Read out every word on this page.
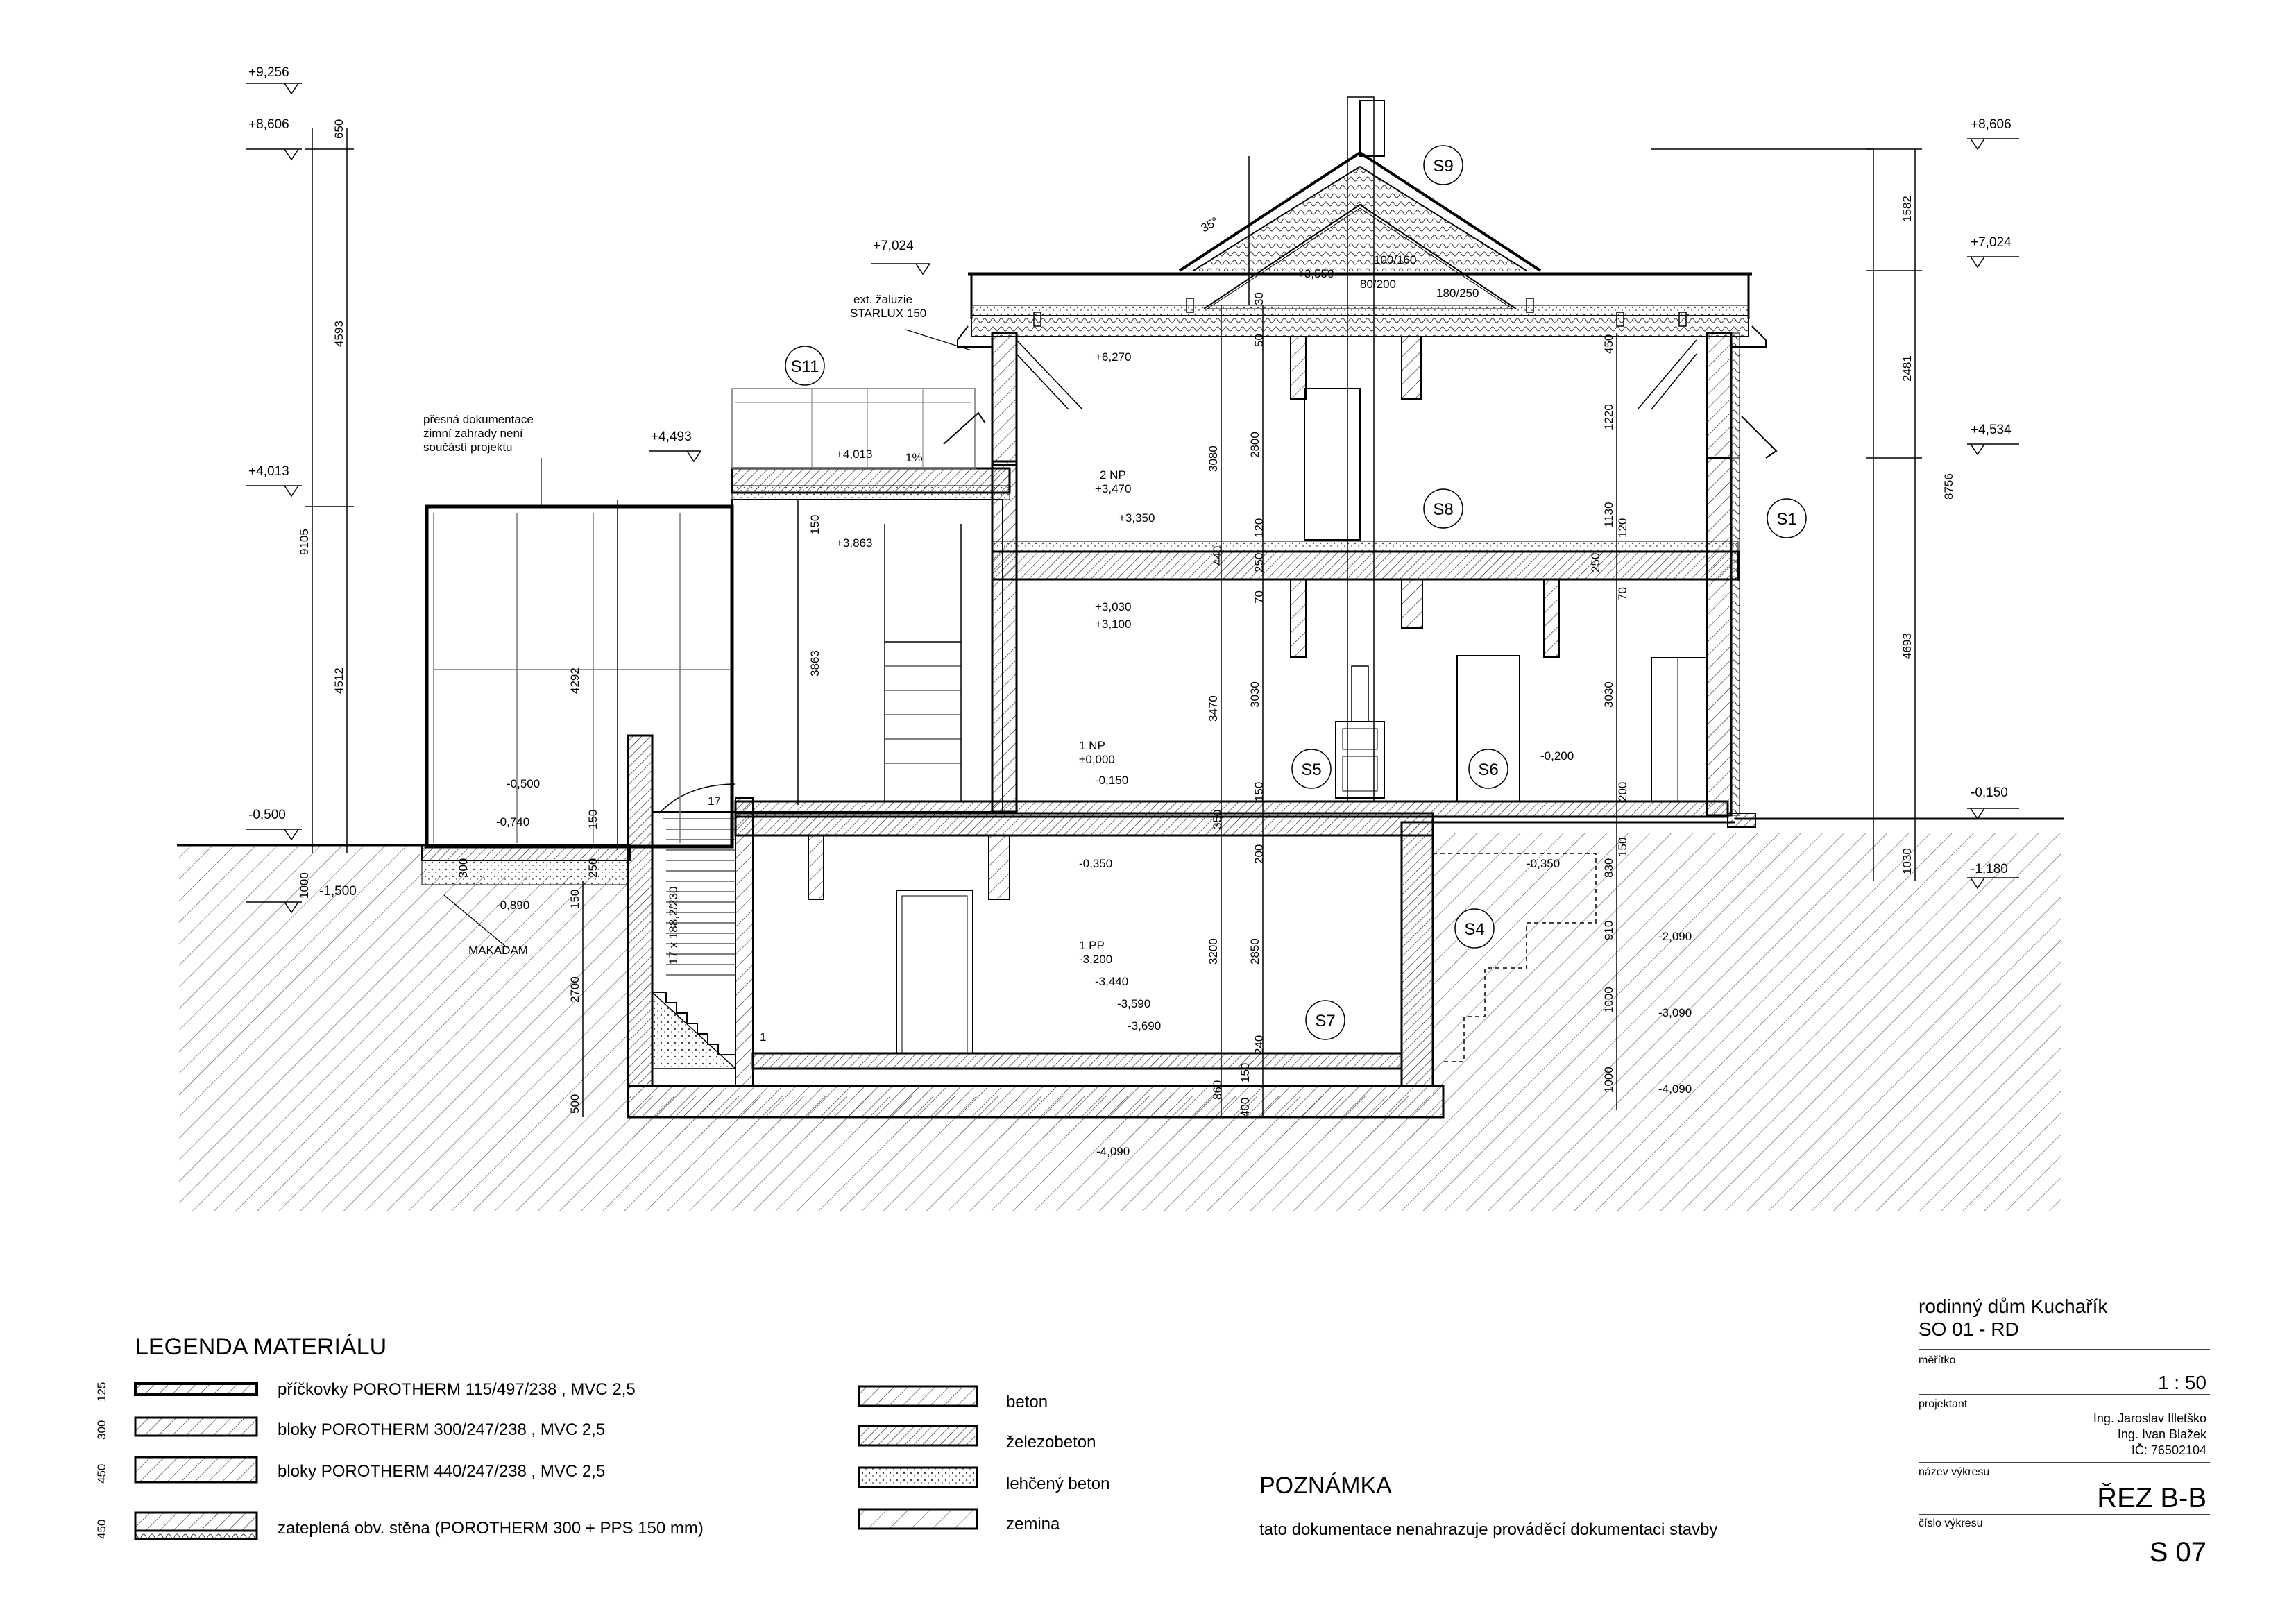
+9,256
+8,606
+7,024
+4,493
+4,013
-0,500
-1,500
+8,606
+7,024
+4,534
-0,150
-1,180
+6,270
+3,550
2 NP
+3,470
+3,350
+4,013
+3,863
+3,030
+3,100
1 NP
±0,000
-0,150
-0,500
-0,740
-0,890
-0,200
-0,350	-0,350
1 PP
-3,200
-3,440
-3,590
-3,690
-2,090
-3,090
-4,090
-4,090
650
4593
4512
9105
1582
2481
8756
4693
1030
3080
2800
1220
1130
450
50
30
3470
3030	3030
120
250
440
70	70
120
250
3200 2850
200
350
150
150
200
830
910
1000
1000
240
150
400
860
500
2700
1000
150
150
300	250
4292
3863
150
35°
100/160
80/200
180/250
ext. žaluzie
STARLUX 150
přesná dokumentace
zimní zahrady není
součástí projektu
1%
17
17 x 188,2/230
1
MAKADAM
S9
S11
S8
S1
S5	S6
S4
S7
LEGENDA MATERIÁLU
125	příčkovky POROTHERM 115/497/238 , MVC 2,5
300	bloky POROTHERM 300/247/238 , MVC 2,5
450	bloky POROTHERM 440/247/238 , MVC 2,5
450	zateplená obv. stěna (POROTHERM 300 + PPS 150 mm)
beton
železobeton
lehčený beton
zemina
POZNÁMKA
tato dokumentace nenahrazuje prováděcí dokumentaci stavby
rodinný dům Kuchařík
SO 01 - RD
měřítko
1 : 50
projektant
Ing. Jaroslav Illetško
Ing. Ivan Blažek
IČ: 76502104
název výkresu
ŘEZ B-B
číslo výkresu
S 07
